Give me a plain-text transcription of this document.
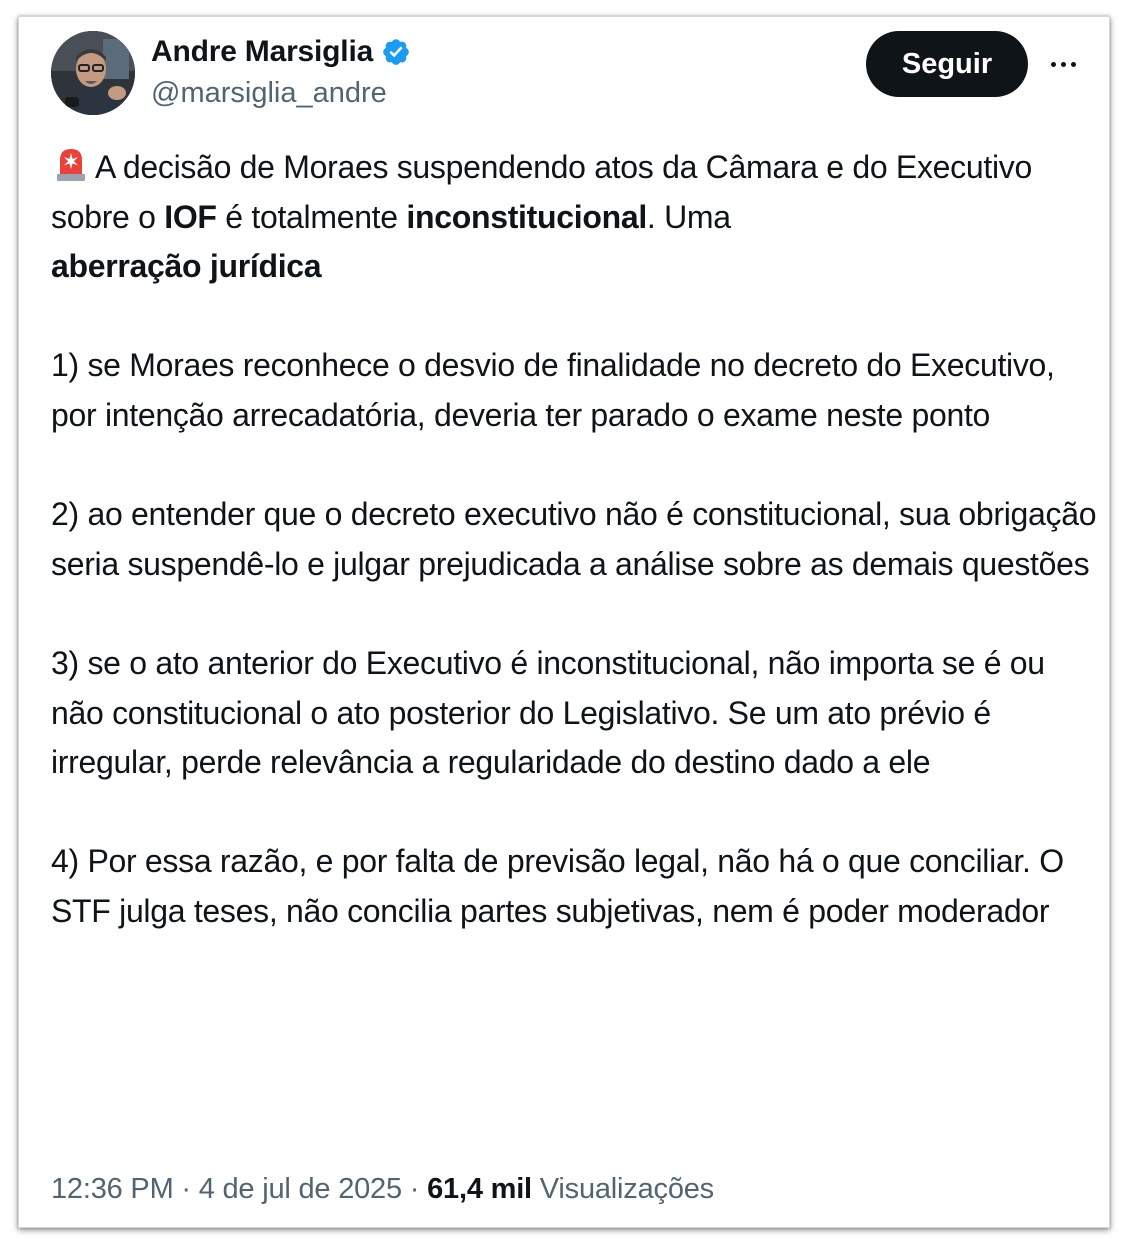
Andre Marsiglia
@marsiglia_andre
Seguir

A decisão de Moraes suspendendo atos da Câmara e do Executivo sobre o IOF é totalmente inconstitucional. Uma
aberração jurídica

1) se Moraes reconhece o desvio de finalidade no decreto do Executivo, por intenção arrecadatória, deveria ter parado o exame neste ponto

2) ao entender que o decreto executivo não é constitucional, sua obrigação seria suspendê-lo e julgar prejudicada a análise sobre as demais questões

3) se o ato anterior do Executivo é inconstitucional, não importa se é ou não constitucional o ato posterior do Legislativo. Se um ato prévio é irregular, perde relevância a regularidade do destino dado a ele

4) Por essa razão, e por falta de previsão legal, não há o que conciliar. O STF julga teses, não concilia partes subjetivas, nem é poder moderador

12:36 PM · 4 de jul de 2025 · 61,4 mil Visualizações
